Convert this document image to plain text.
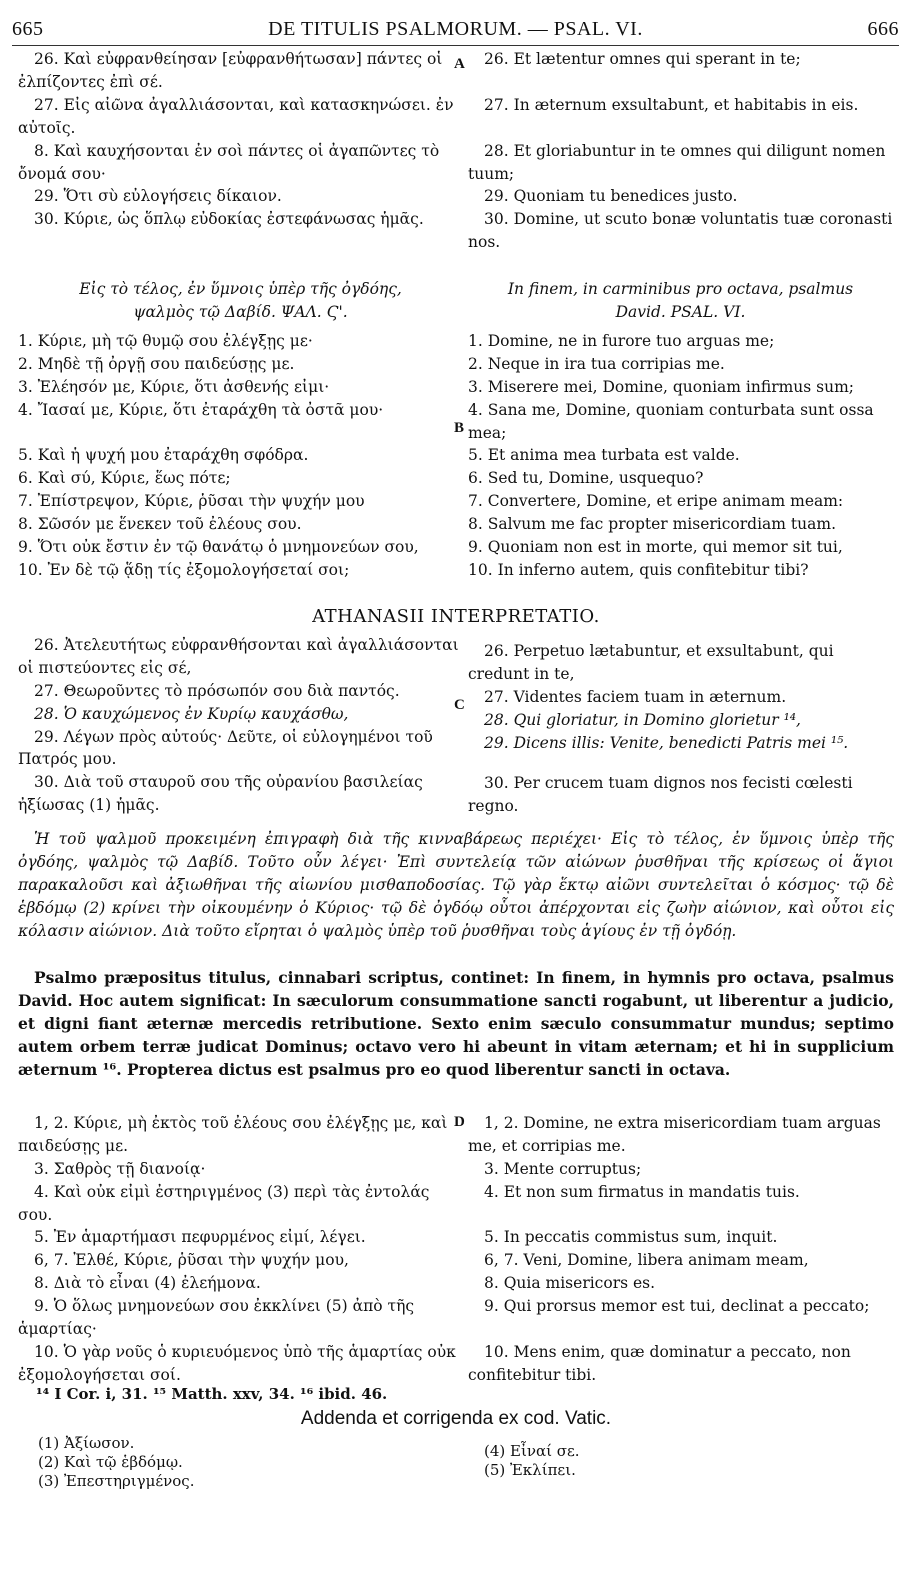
665	DE TITULIS PSALMORUM. — PSAL. VI.	666
A
B
C
D
26. Καὶ εὐφρανθείησαν [εὐφρανθήτωσαν] πάντες οἱ ἐλπίζοντες ἐπὶ σέ.
27. Εἰς αἰῶνα ἀγαλλιάσονται, καὶ κατασκηνώσει. ἐν αὐτοῖς.
8. Καὶ καυχήσονται ἐν σοὶ πάντες οἱ ἀγαπῶντες τὸ ὄνομά σου·
29. Ὅτι σὺ εὐλογήσεις δίκαιον.
30. Κύριε, ὡς ὅπλῳ εὐδοκίας ἐστεφάνωσας ἡμᾶς.
26. Et lætentur omnes qui sperant in te;
27. In æternum exsultabunt, et habitabis in eis.
28. Et gloriabuntur in te omnes qui diligunt nomen tuum;
29. Quoniam tu benedices justo.
30. Domine, ut scuto bonæ voluntatis tuæ coronasti nos.
Εἰς τὸ τέλος, ἐν ὕμνοις ὑπὲρ τῆς ὀγδόης,
ψαλμὸς τῷ Δαβίδ. ΨΑΛ. Ϛ'.
In finem, in carminibus pro octava, psalmus
David. PSAL. VI.
1. Κύριε, μὴ τῷ θυμῷ σου ἐλέγξῃς με·
2. Μηδὲ τῇ ὀργῇ σου παιδεύσῃς με.
3. Ἐλέησόν με, Κύριε, ὅτι ἀσθενής εἰμι·
4. Ἴασαί με, Κύριε, ὅτι ἐταράχθη τὰ ὀστᾶ μου·
5. Καὶ ἡ ψυχή μου ἐταράχθη σφόδρα.
6. Καὶ σύ, Κύριε, ἕως πότε;
7. Ἐπίστρεψον, Κύριε, ῥῦσαι τὴν ψυχήν μου
8. Σῶσόν με ἕνεκεν τοῦ ἐλέους σου.
9. Ὅτι οὐκ ἔστιν ἐν τῷ θανάτῳ ὁ μνημονεύων σου,
10. Ἐν δὲ τῷ ᾅδῃ τίς ἐξομολογήσεταί σοι;
1. Domine, ne in furore tuo arguas me;
2. Neque in ira tua corripias me.
3. Miserere mei, Domine, quoniam infirmus sum;
4. Sana me, Domine, quoniam conturbata sunt ossa mea;
5. Et anima mea turbata est valde.
6. Sed tu, Domine, usquequo?
7. Convertere, Domine, et eripe animam meam:
8. Salvum me fac propter misericordiam tuam.
9. Quoniam non est in morte, qui memor sit tui,
10. In inferno autem, quis confitebitur tibi?
ATHANASII INTERPRETATIO.
26. Ἀτελευτήτως εὐφρανθήσονται καὶ ἀγαλλιάσονται οἱ πιστεύοντες εἰς σέ,
27. Θεωροῦντες τὸ πρόσωπόν σου διὰ παντός.
28. Ὁ καυχώμενος ἐν Κυρίῳ καυχάσθω,
29. Λέγων πρὸς αὐτούς· Δεῦτε, οἱ εὐλογημένοι τοῦ Πατρός μου.
30. Διὰ τοῦ σταυροῦ σου τῆς οὐρανίου βασιλείας ἠξίωσας (1) ἡμᾶς.
26. Perpetuo lætabuntur, et exsultabunt, qui credunt in te,
27. Videntes faciem tuam in æternum.
28. Qui gloriatur, in Domino glorietur ¹⁴,
29. Dicens illis: Venite, benedicti Patris mei ¹⁵.
30. Per crucem tuam dignos nos fecisti cœlesti regno.
Ἡ τοῦ ψαλμοῦ προκειμένη ἐπιγραφὴ διὰ τῆς κινναβάρεως περιέχει· Εἰς τὸ τέλος, ἐν ὕμνοις ὑπὲρ τῆς ὀγδόης, ψαλμὸς τῷ Δαβίδ. Τοῦτο οὖν λέγει· Ἐπὶ συντελείᾳ τῶν αἰώνων ῥυσθῆναι τῆς κρίσεως οἱ ἅγιοι παρακαλοῦσι καὶ ἀξιωθῆναι τῆς αἰωνίου μισθαποδοσίας. Τῷ γὰρ ἕκτῳ αἰῶνι συντελεῖται ὁ κόσμος· τῷ δὲ ἑβδόμῳ (2) κρίνει τὴν οἰκουμένην ὁ Κύριος· τῷ δὲ ὀγδόῳ οὗτοι ἀπέρχονται εἰς ζωὴν αἰώνιον, καὶ οὗτοι εἰς κόλασιν αἰώνιον. Διὰ τοῦτο εἴρηται ὁ ψαλμὸς ὑπὲρ τοῦ ῥυσθῆναι τοὺς ἁγίους ἐν τῇ ὀγδόῃ.
Psalmo præpositus titulus, cinnabari scriptus, continet: In finem, in hymnis pro octava, psalmus David. Hoc autem significat: In sæculorum consummatione sancti rogabunt, ut liberentur a judicio, et digni fiant æternæ mercedis retributione. Sexto enim sæculo consummatur mundus; septimo autem orbem terræ judicat Dominus; octavo vero hi abeunt in vitam æternam; et hi in supplicium æternum ¹⁶. Propterea dictus est psalmus pro eo quod liberentur sancti in octava.
1, 2. Κύριε, μὴ ἐκτὸς τοῦ ἐλέους σου ἐλέγξῃς με, καὶ παιδεύσῃς με.
3. Σαθρὸς τῇ διανοίᾳ·
4. Καὶ οὐκ εἰμὶ ἐστηριγμένος (3) περὶ τὰς ἐντολάς σου.
5. Ἐν ἁμαρτήμασι πεφυρμένος εἰμί, λέγει.
6, 7. Ἐλθέ, Κύριε, ῥῦσαι τὴν ψυχήν μου,
8. Διὰ τὸ εἶναι (4) ἐλεήμονα.
9. Ὁ ὅλως μνημονεύων σου ἐκκλίνει (5) ἀπὸ τῆς ἁμαρτίας·
10. Ὁ γὰρ νοῦς ὁ κυριευόμενος ὑπὸ τῆς ἁμαρτίας οὐκ ἐξομολογήσεται σοί.
1, 2. Domine, ne extra misericordiam tuam arguas me, et corripias me.
3. Mente corruptus;
4. Et non sum firmatus in mandatis tuis.
5. In peccatis commistus sum, inquit.
6, 7. Veni, Domine, libera animam meam,
8. Quia misericors es.
9. Qui prorsus memor est tui, declinat a peccato;
10. Mens enim, quæ dominatur a peccato, non confitebitur tibi.
¹⁴ I Cor. i, 31. ¹⁵ Matth. xxv, 34. ¹⁶ ibid. 46.
Addenda et corrigenda ex cod. Vatic.
(1) Ἀξίωσον.
(2) Καὶ τῷ ἑβδόμῳ.
(3) Ἐπεστηριγμένος.
(4) Εἶναί σε.
(5) Ἐκλίπει.
